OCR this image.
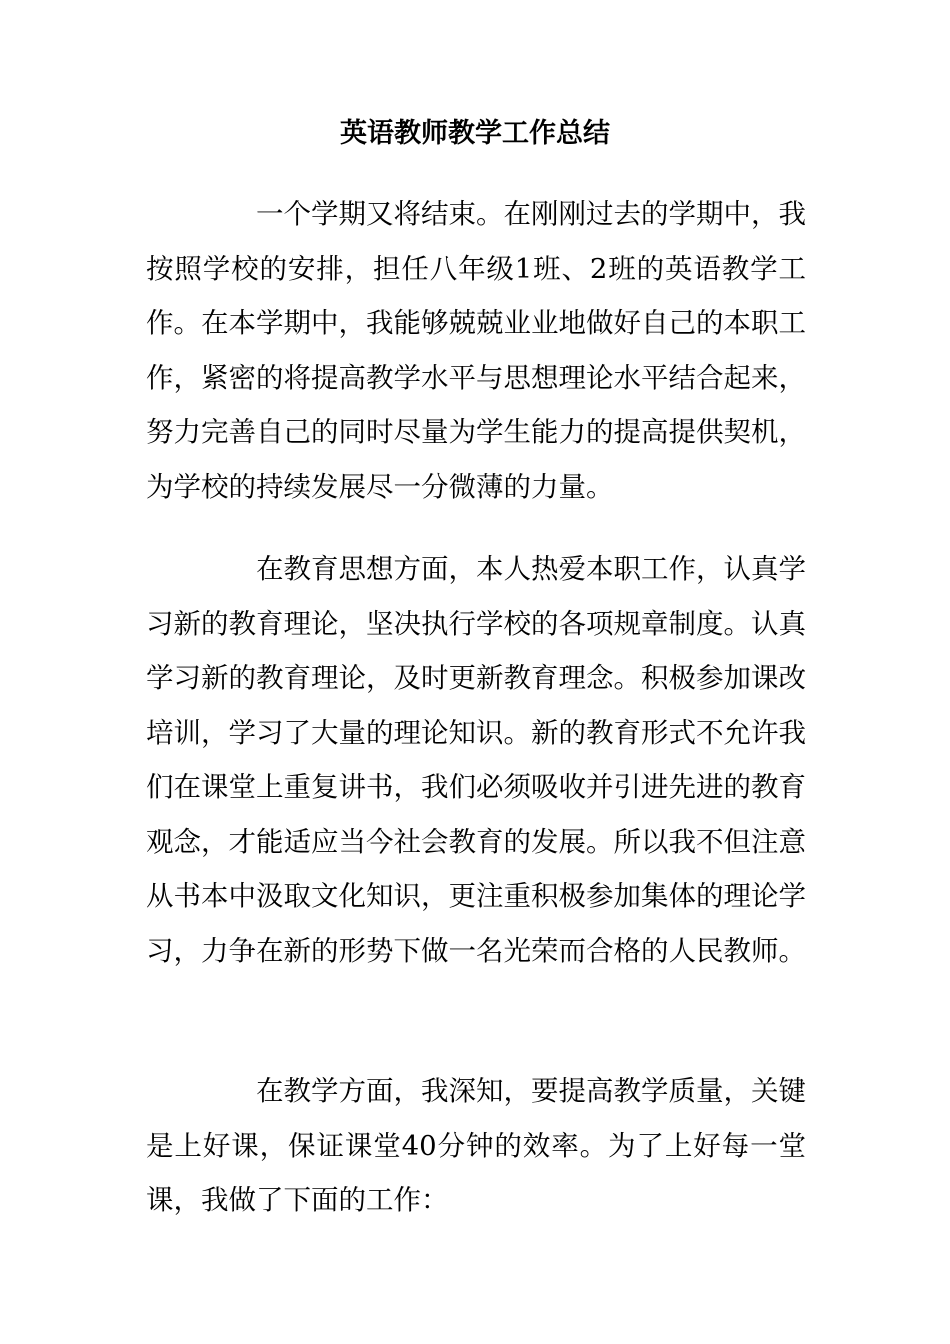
英语教师教学工作总结
一个学期又将结束。在刚刚过去的学期中，我按照学校的安排，担任八年级1班、2班的英语教学工作。在本学期中，我能够兢兢业业地做好自己的本职工作，紧密的将提高教学水平与思想理论水平结合起来，努力完善自己的同时尽量为学生能力的提高提供契机，为学校的持续发展尽一分微薄的力量。
在教育思想方面，本人热爱本职工作，认真学习新的教育理论，坚决执行学校的各项规章制度。认真学习新的教育理论，及时更新教育理念。积极参加课改培训，学习了大量的理论知识。新的教育形式不允许我们在课堂上重复讲书，我们必须吸收并引进先进的教育观念，才能适应当今社会教育的发展。所以我不但注意从书本中汲取文化知识，更注重积极参加集体的理论学习，力争在新的形势下做一名光荣而合格的人民教师。
在教学方面，我深知，要提高教学质量，关键是上好课，保证课堂40分钟的效率。为了上好每一堂课，我做了下面的工作：
